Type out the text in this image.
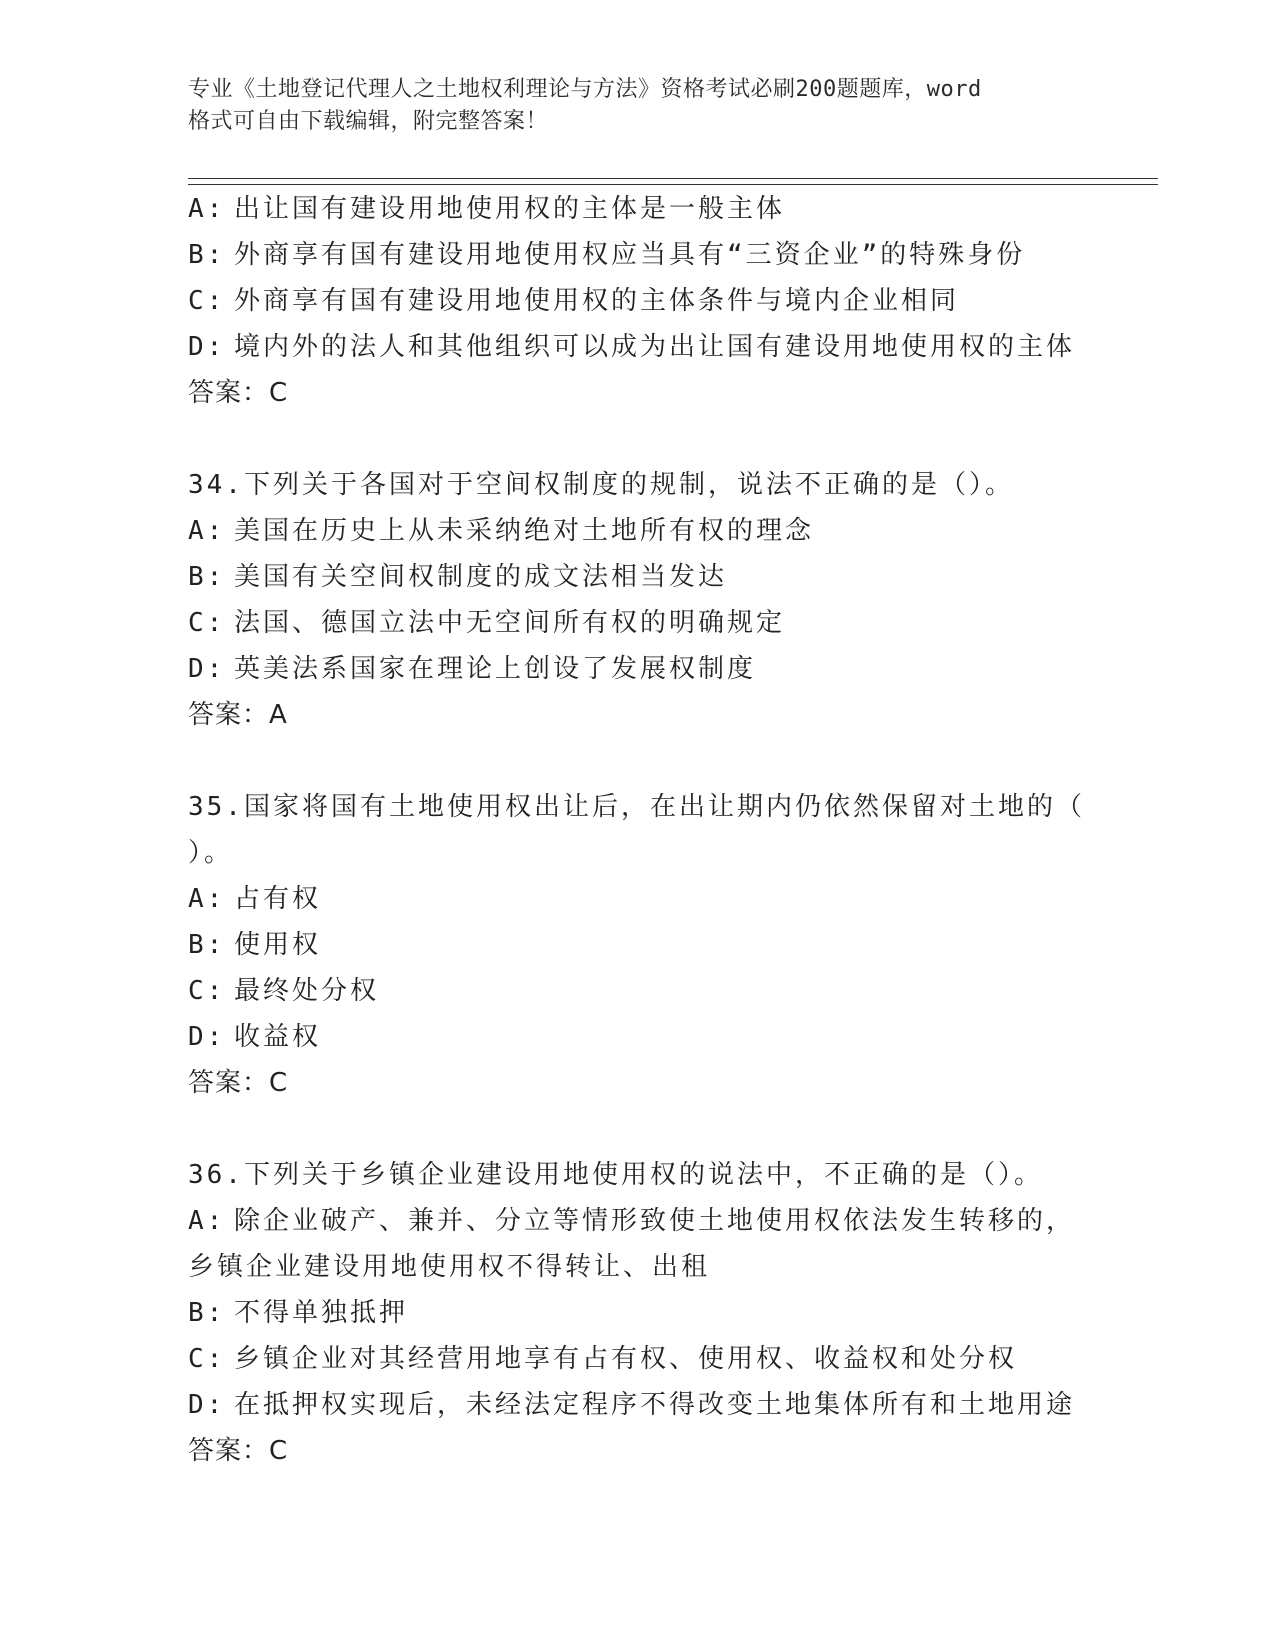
专业《土地登记代理人之土地权利理论与方法》资格考试必刷200题题库，word
格式可自由下载编辑，附完整答案！
A: 出让国有建设用地使用权的主体是一般主体
B: 外商享有国有建设用地使用权应当具有“三资企业”的特殊身份
C: 外商享有国有建设用地使用权的主体条件与境内企业相同
D: 境内外的法人和其他组织可以成为出让国有建设用地使用权的主体
答案：C
34.下列关于各国对于空间权制度的规制，说法不正确的是（）。
A: 美国在历史上从未采纳绝对土地所有权的理念
B: 美国有关空间权制度的成文法相当发达
C: 法国、德国立法中无空间所有权的明确规定
D: 英美法系国家在理论上创设了发展权制度
答案：A
35.国家将国有土地使用权出让后，在出让期内仍依然保留对土地的（
）。
A: 占有权
B: 使用权
C: 最终处分权
D: 收益权
答案：C
36.下列关于乡镇企业建设用地使用权的说法中，不正确的是（）。
A: 除企业破产、兼并、分立等情形致使土地使用权依法发生转移的，
乡镇企业建设用地使用权不得转让、出租
B: 不得单独抵押
C: 乡镇企业对其经营用地享有占有权、使用权、收益权和处分权
D: 在抵押权实现后，未经法定程序不得改变土地集体所有和土地用途
答案：C
